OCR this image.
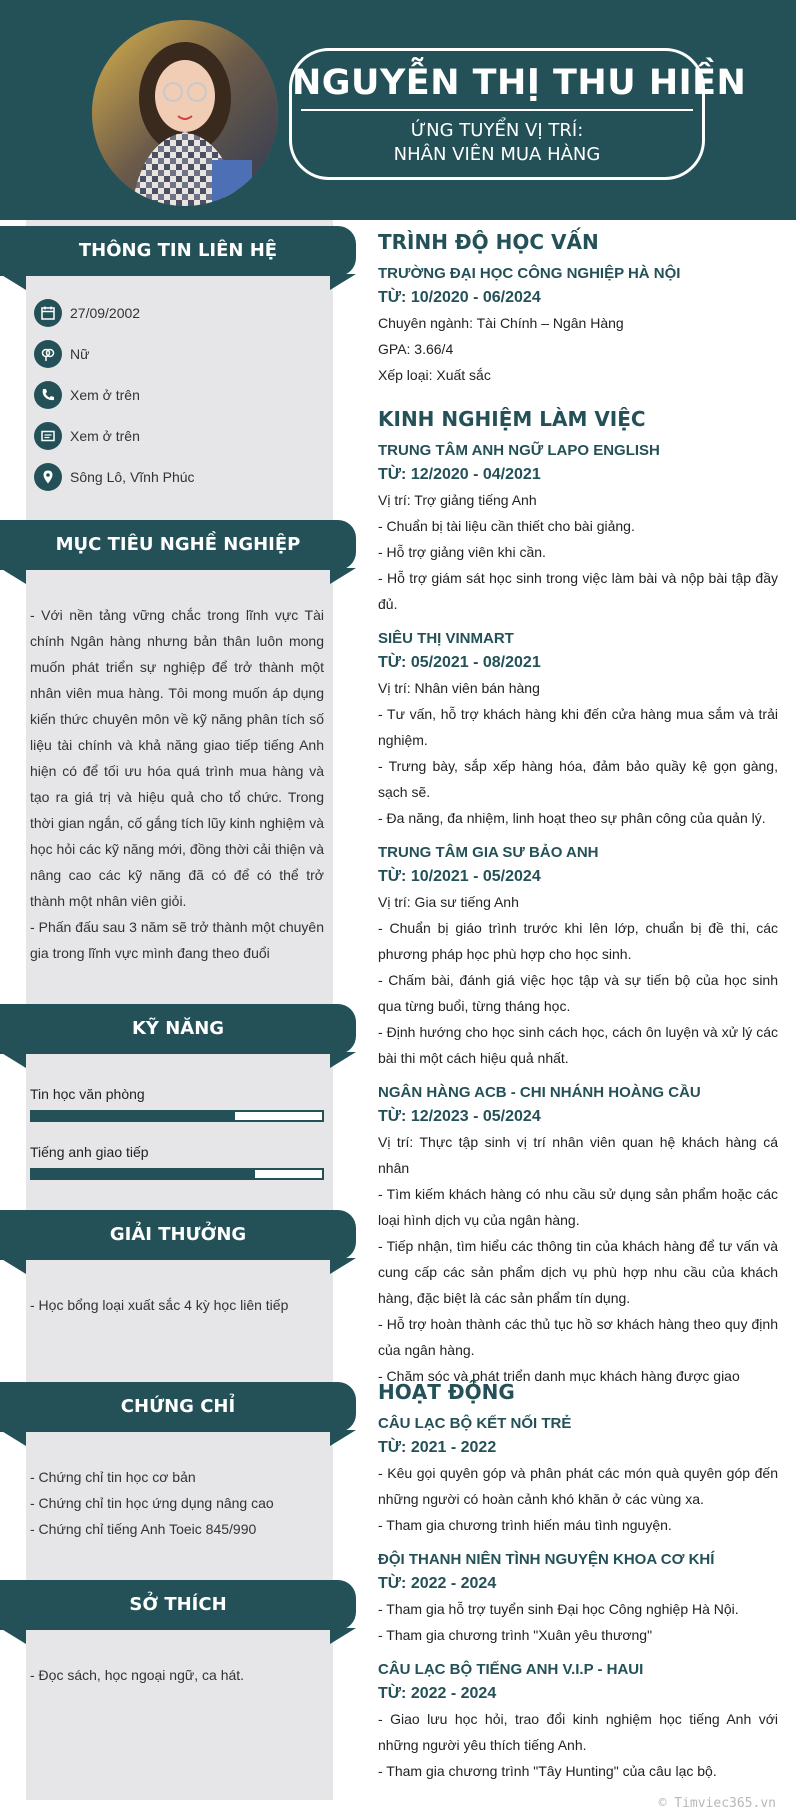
NGUYỄN THỊ THU HIỀN
ỨNG TUYỂN VỊ TRÍ:
NHÂN VIÊN MUA HÀNG
THÔNG TIN LIÊN HỆ
27/09/2002
Nữ
Xem ở trên
Xem ở trên
Sông Lô, Vĩnh Phúc
MỤC TIÊU NGHỀ NGHIỆP
- Với nền tảng vững chắc trong lĩnh vực Tài chính Ngân hàng nhưng bản thân luôn mong muốn phát triển sự nghiệp để trở thành một nhân viên mua hàng. Tôi mong muốn áp dụng kiến thức chuyên môn về kỹ năng phân tích số liệu tài chính và khả năng giao tiếp tiếng Anh hiện có để tối ưu hóa quá trình mua hàng và tạo ra giá trị và hiệu quả cho tổ chức. Trong thời gian ngắn, cố gắng tích lũy kinh nghiệm và học hỏi các kỹ năng mới, đồng thời cải thiện và nâng cao các kỹ năng đã có để có thể trở thành một nhân viên giỏi.
- Phấn đấu sau 3 năm sẽ trở thành một chuyên gia trong lĩnh vực mình đang theo đuổi
KỸ NĂNG
Tin học văn phòng
Tiếng anh giao tiếp
GIẢI THƯỞNG
- Học bổng loại xuất sắc 4 kỳ học liên tiếp
CHỨNG CHỈ
- Chứng chỉ tin học cơ bản
- Chứng chỉ tin học ứng dụng nâng cao
- Chứng chỉ tiếng Anh Toeic 845/990
SỞ THÍCH
- Đọc sách, học ngoại ngữ, ca hát.
TRÌNH ĐỘ HỌC VẤN
TRƯỜNG ĐẠI HỌC CÔNG NGHIỆP HÀ NỘI
TỪ: 10/2020 - 06/2024
Chuyên ngành: Tài Chính – Ngân Hàng
GPA: 3.66/4
Xếp loại: Xuất sắc
KINH NGHIỆM LÀM VIỆC
TRUNG TÂM ANH NGỮ LAPO ENGLISH
TỪ: 12/2020 - 04/2021
Vị trí: Trợ giảng tiếng Anh
- Chuẩn bị tài liệu cần thiết cho bài giảng.
- Hỗ trợ giảng viên khi cần.
- Hỗ trợ giám sát học sinh trong việc làm bài và nộp bài tập đầy đủ.
SIÊU THỊ VINMART
TỪ: 05/2021 - 08/2021
Vị trí: Nhân viên bán hàng
- Tư vấn, hỗ trợ khách hàng khi đến cửa hàng mua sắm và trải nghiệm.
- Trưng bày, sắp xếp hàng hóa, đảm bảo quầy kệ gọn gàng, sạch sẽ.
- Đa năng, đa nhiệm, linh hoạt theo sự phân công của quản lý.
TRUNG TÂM GIA SƯ BẢO ANH
TỪ: 10/2021 - 05/2024
Vị trí: Gia sư tiếng Anh
- Chuẩn bị giáo trình trước khi lên lớp, chuẩn bị đề thi, các phương pháp học phù hợp cho học sinh.
- Chấm bài, đánh giá việc học tập và sự tiến bộ của học sinh qua từng buổi, từng tháng học.
- Định hướng cho học sinh cách học, cách ôn luyện và xử lý các bài thi một cách hiệu quả nhất.
NGÂN HÀNG ACB - CHI NHÁNH HOÀNG CẦU
TỪ: 12/2023 - 05/2024
Vị trí: Thực tập sinh vị trí nhân viên quan hệ khách hàng cá nhân
- Tìm kiếm khách hàng có nhu cầu sử dụng sản phẩm hoặc các loại hình dịch vụ của ngân hàng.
- Tiếp nhận, tìm hiểu các thông tin của khách hàng để tư vấn và cung cấp các sản phẩm dịch vụ phù hợp nhu cầu của khách hàng, đặc biệt là các sản phẩm tín dụng.
- Hỗ trợ hoàn thành các thủ tục hồ sơ khách hàng theo quy định của ngân hàng.
- Chăm sóc và phát triển danh mục khách hàng được giao
HOẠT ĐỘNG
CÂU LẠC BỘ KẾT NỐI TRẺ
TỪ: 2021 - 2022
- Kêu gọi quyên góp và phân phát các món quà quyên góp đến những người có hoàn cảnh khó khăn ở các vùng xa.
- Tham gia chương trình hiến máu tình nguyện.
ĐỘI THANH NIÊN TÌNH NGUYỆN KHOA CƠ KHÍ
TỪ: 2022 - 2024
- Tham gia hỗ trợ tuyển sinh Đại học Công nghiệp Hà Nội.
- Tham gia chương trình "Xuân yêu thương"
CÂU LẠC BỘ TIẾNG ANH V.I.P - HAUI
TỪ: 2022 - 2024
- Giao lưu học hỏi, trao đổi kinh nghiệm học tiếng Anh với những người yêu thích tiếng Anh.
- Tham gia chương trình "Tây Hunting" của câu lạc bộ.
© Timviec365.vn
